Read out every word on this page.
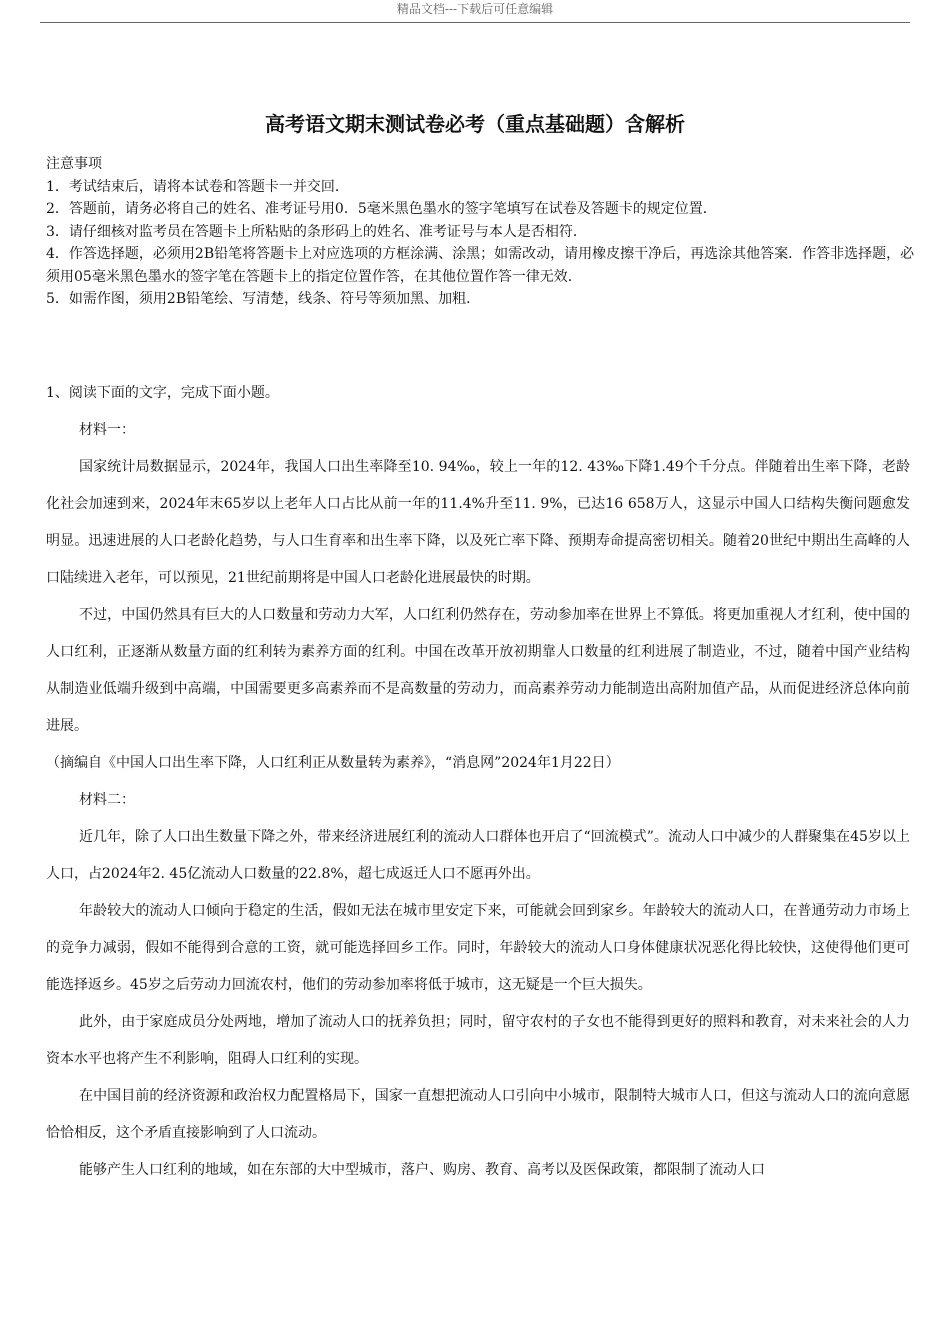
精品文档---下载后可任意编辑
高考语文期末测试卷必考（重点基础题）含解析
注意事项
1．考试结束后，请将本试卷和答题卡一并交回．
2．答题前，请务必将自己的姓名、准考证号用0．5毫米黑色墨水的签字笔填写在试卷及答题卡的规定位置．
3．请仔细核对监考员在答题卡上所粘贴的条形码上的姓名、准考证号与本人是否相符．
4．作答选择题，必须用2B铅笔将答题卡上对应选项的方框涂满、涂黑；如需改动，请用橡皮擦干净后，再选涂其他答案．作答非选择题，必须用05毫米黑色墨水的签字笔在答题卡上的指定位置作答，在其他位置作答一律无效．
5．如需作图，须用2B铅笔绘、写清楚，线条、符号等须加黑、加粗．
1、阅读下面的文字，完成下面小题。
材料一：
国家统计局数据显示，2024年，我国人口出生率降至10. 94‰，较上一年的12. 43‰下降1.49个千分点。伴随着出生率下降，老龄化社会加速到来，2024年末65岁以上老年人口占比从前一年的11.4%升至11. 9%，已达16 658万人，这显示中国人口结构失衡问题愈发明显。迅速进展的人口老龄化趋势，与人口生育率和出生率下降，以及死亡率下降、预期寿命提高密切相关。随着20世纪中期出生高峰的人口陆续进入老年，可以预见，21世纪前期将是中国人口老龄化进展最快的时期。
不过，中国仍然具有巨大的人口数量和劳动力大军，人口红利仍然存在，劳动参加率在世界上不算低。将更加重视人才红利，使中国的人口红利，正逐渐从数量方面的红利转为素养方面的红利。中国在改革开放初期靠人口数量的红利进展了制造业，不过，随着中国产业结构从制造业低端升级到中高端，中国需要更多高素养而不是高数量的劳动力，而高素养劳动力能制造出高附加值产品，从而促进经济总体向前进展。
（摘编自《中国人口出生率下降，人口红利正从数量转为素养》，“消息网”2024年1月22日）
材料二：
近几年，除了人口出生数量下降之外，带来经济进展红利的流动人口群体也开启了“回流模式”。流动人口中减少的人群聚集在45岁以上人口，占2024年2. 45亿流动人口数量的22.8%，超七成返迁人口不愿再外出。
年龄较大的流动人口倾向于稳定的生活，假如无法在城市里安定下来，可能就会回到家乡。年龄较大的流动人口，在普通劳动力市场上的竞争力减弱，假如不能得到合意的工资，就可能选择回乡工作。同时，年龄较大的流动人口身体健康状况恶化得比较快，这使得他们更可能选择返乡。45岁之后劳动力回流农村，他们的劳动参加率将低于城市，这无疑是一个巨大损失。
此外，由于家庭成员分处两地，增加了流动人口的抚养负担；同时，留守农村的子女也不能得到更好的照料和教育，对未来社会的人力资本水平也将产生不利影响，阻碍人口红利的实现。
在中国目前的经济资源和政治权力配置格局下，国家一直想把流动人口引向中小城市，限制特大城市人口，但这与流动人口的流向意愿恰恰相反，这个矛盾直接影响到了人口流动。
能够产生人口红利的地域，如在东部的大中型城市，落户、购房、教育、高考以及医保政策，都限制了流动人口
